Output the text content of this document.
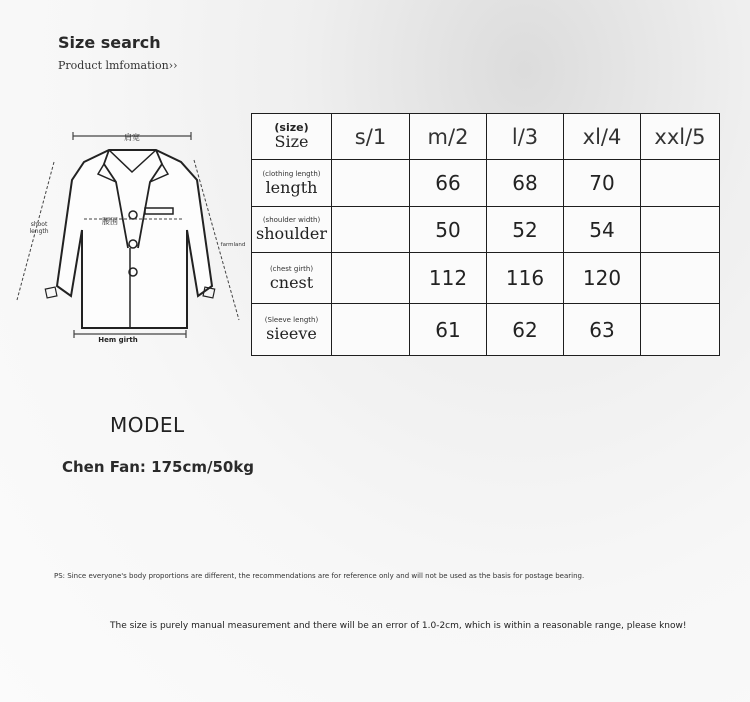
Size search
Product lmfomation››
肩宽
腰围
shoot
length
farmland
Hem girth
(size)
Size	s/1	m/2	l/3	xl/4	xxl/5

(clothing length)
length		66	68	70	

(shoulder width)
shoulder		50	52	54	

(chest girth)
cnest		112	116	120	

(Sleeve length)
sieeve		61	62	63	
MODEL
Chen Fan: 175cm/50kg
PS: Since everyone's body proportions are different, the recommendations are for reference only and will not be used as the basis for postage bearing.
The size is purely manual measurement and there will be an error of 1.0-2cm, which is within a reasonable range, please know!
